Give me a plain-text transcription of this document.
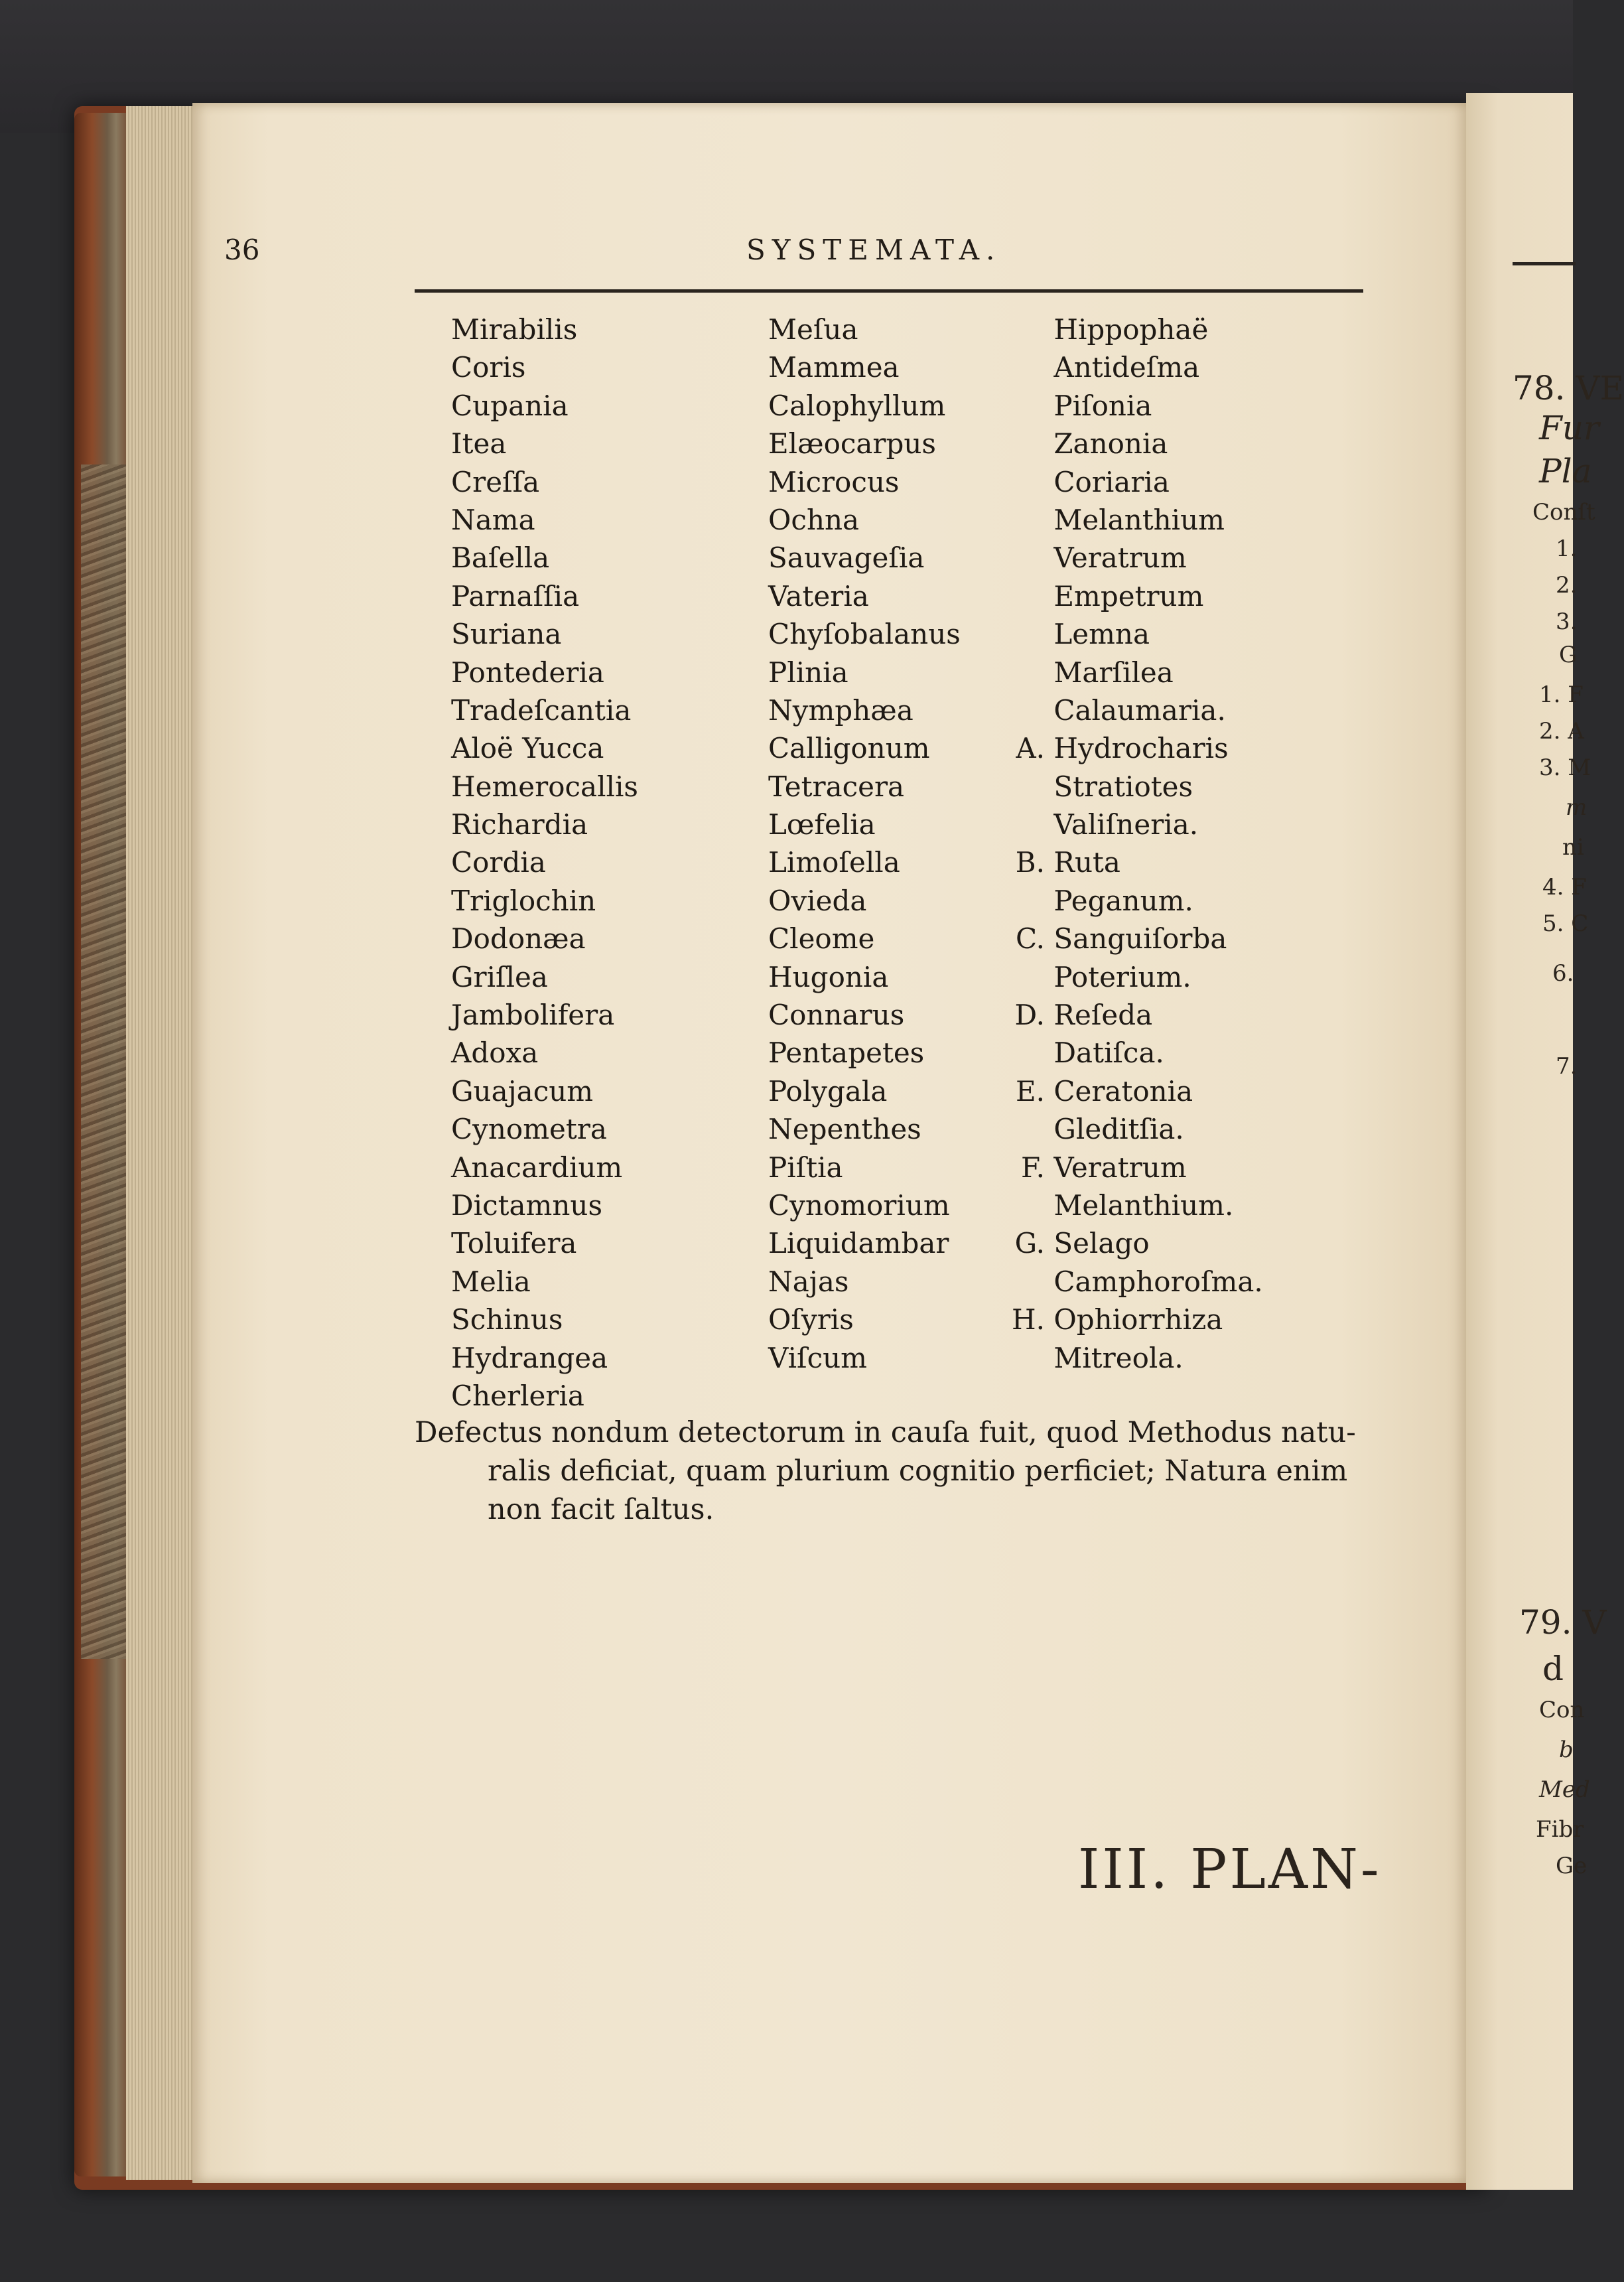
78. VE
Fur
Pla
Conſt
1.
2.
3.
G
1. F
2. A
3. M
m
ni
4. F
5. C
6.
7.
79. V
d
Con
b
Med
Fibr
Ge
36	SYSTEMATA.
Mirabilis
Coris
Cupania
Itea
Creſſa
Nama
Baſella
Parnaſſia
Suriana
Pontederia
Tradeſcantia
Aloë Yucca
Hemerocallis
Richardia
Cordia
Triglochin
Dodonæa
Griſlea
Jambolifera
Adoxa
Guajacum
Cynometra
Anacardium
Dictamnus
Toluifera
Melia
Schinus
Hydrangea
Cherleria
Meſua
Mammea
Calophyllum
Elæocarpus
Microcus
Ochna
Sauvageſia
Vateria
Chyſobalanus
Plinia
Nymphæa
Calligonum
Tetracera
Lœfelia
Limoſella
Ovieda
Cleome
Hugonia
Connarus
Pentapetes
Polygala
Nepenthes
Piſtia
Cynomorium
Liquidambar
Najas
Oſyris
Viſcum
Hippophaë
Antideſma
Piſonia
Zanonia
Coriaria
Melanthium
Veratrum
Empetrum
Lemna
Marſilea
Calaumaria.
A. Hydrocharis
Stratiotes
Valiſneria.
B. Ruta
Peganum.
C. Sanguiſorba
Poterium.
D. Reſeda
Datiſca.
E. Ceratonia
Gleditſia.
F. Veratrum
Melanthium.
G. Selago
Camphoroſma.
H. Ophiorrhiza
Mitreola.
Defectus nondum detectorum in cauſa fuit, quod Methodus natu-
ralis deficiat, quam plurium cognitio perficiet; Natura enim
non facit ſaltus.
III. PLAN-
